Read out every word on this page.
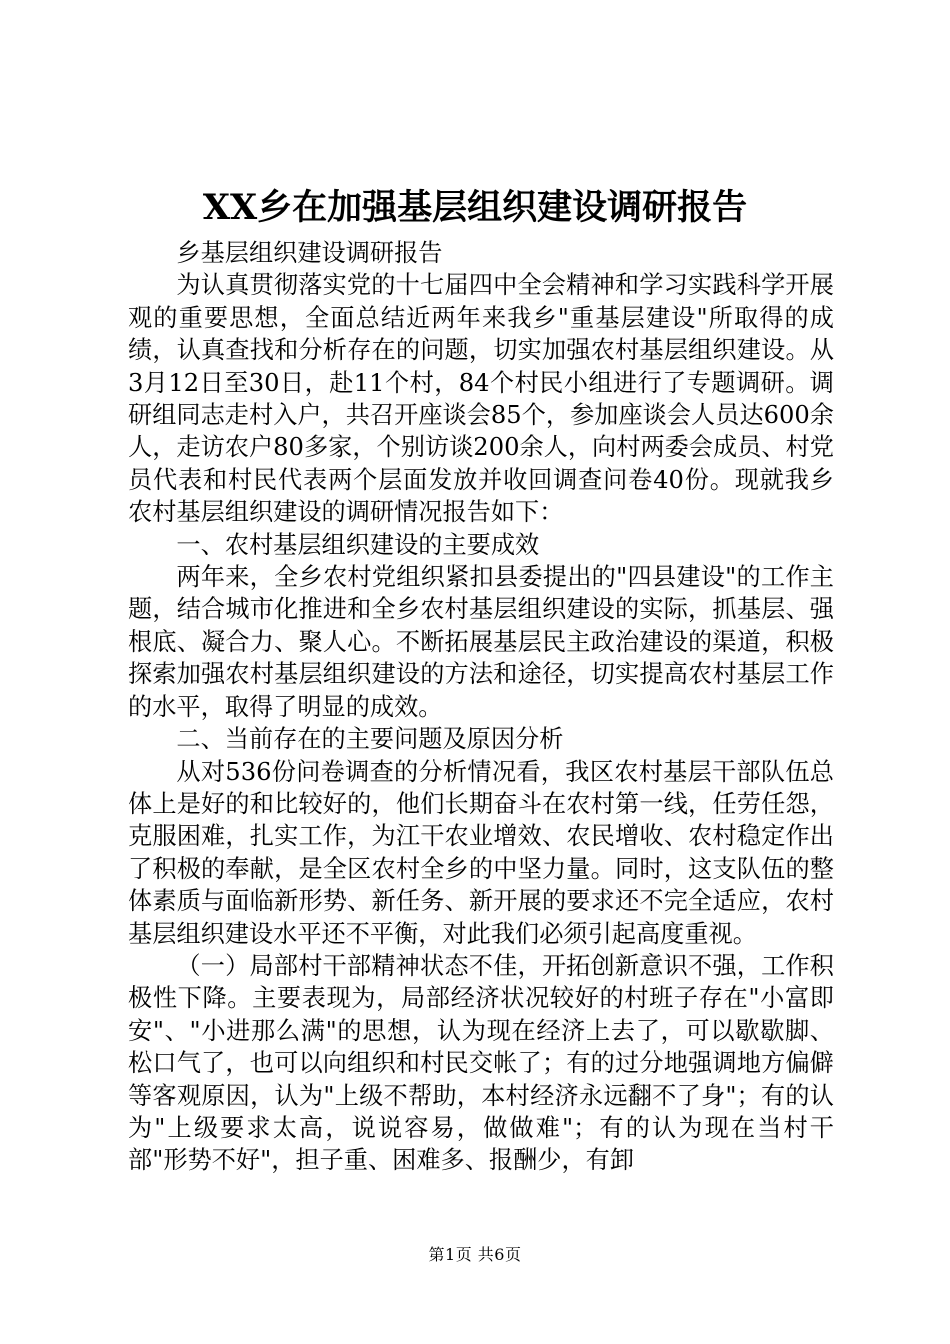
XX乡在加强基层组织建设调研报告

乡基层组织建设调研报告

为认真贯彻落实党的十七届四中全会精神和学习实践科学开展观的重要思想，全面总结近两年来我乡"重基层建设"所取得的成绩，认真查找和分析存在的问题，切实加强农村基层组织建设。从3月12日至30日，赴11个村，84个村民小组进行了专题调研。调研组同志走村入户，共召开座谈会85个，参加座谈会人员达600余人，走访农户80多家，个别访谈200余人，向村两委会成员、村党员代表和村民代表两个层面发放并收回调查问卷40份。现就我乡农村基层组织建设的调研情况报告如下：

一、农村基层组织建设的主要成效

两年来，全乡农村党组织紧扣县委提出的"四县建设"的工作主题，结合城市化推进和全乡农村基层组织建设的实际，抓基层、强根底、凝合力、聚人心。不断拓展基层民主政治建设的渠道，积极探索加强农村基层组织建设的方法和途径，切实提高农村基层工作的水平，取得了明显的成效。

二、当前存在的主要问题及原因分析

从对536份问卷调查的分析情况看，我区农村基层干部队伍总体上是好的和比较好的，他们长期奋斗在农村第一线，任劳任怨，克服困难，扎实工作，为江干农业增效、农民增收、农村稳定作出了积极的奉献，是全区农村全乡的中坚力量。同时，这支队伍的整体素质与面临新形势、新任务、新开展的要求还不完全适应，农村基层组织建设水平还不平衡，对此我们必须引起高度重视。

（一）局部村干部精神状态不佳，开拓创新意识不强，工作积极性下降。主要表现为，局部经济状况较好的村班子存在"小富即安"、"小进那么满"的思想，认为现在经济上去了，可以歇歇脚、松口气了，也可以向组织和村民交帐了；有的过分地强调地方偏僻等客观原因，认为"上级不帮助，本村经济永远翻不了身"；有的认为"上级要求太高，说说容易，做做难"；有的认为现在当村干部"形势不好"，担子重、困难多、报酬少，有卸

第1页 共6页
